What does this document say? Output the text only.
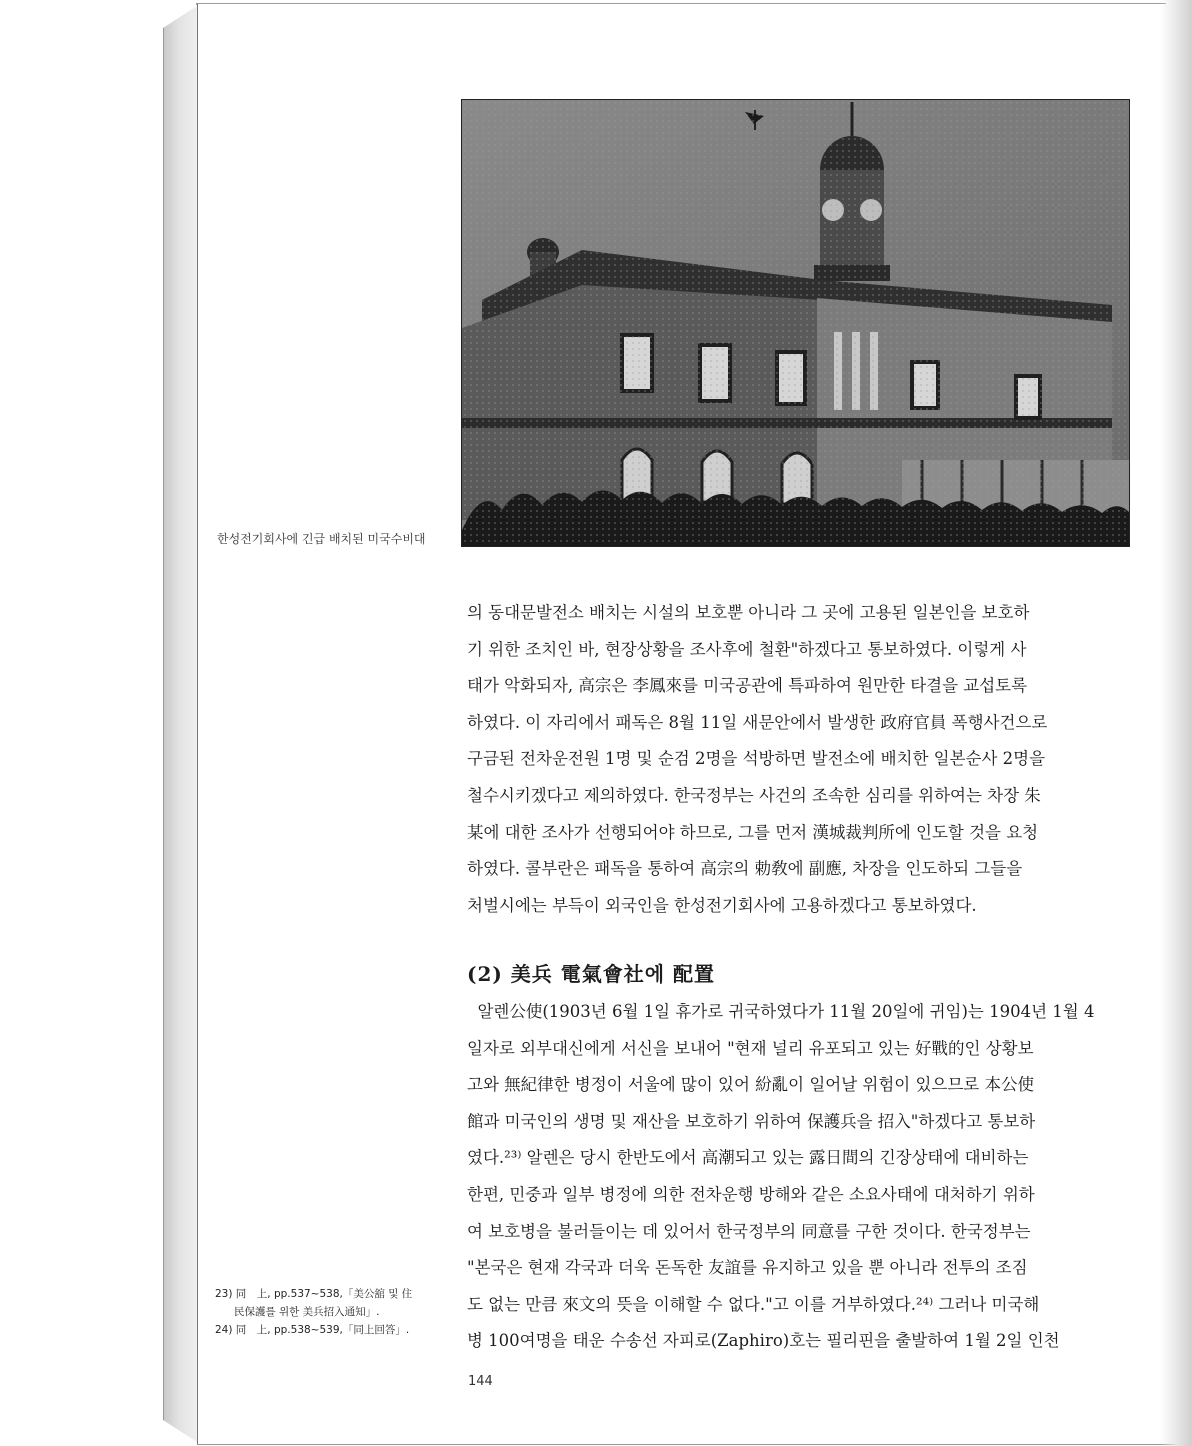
한성전기회사에 긴급 배치된 미국수비대
의 동대문발전소 배치는 시설의 보호뿐 아니라 그 곳에 고용된 일본인을 보호하
기 위한 조치인 바, 현장상황을 조사후에 철환"하겠다고 통보하였다. 이렇게 사
태가 악화되자, 高宗은 李鳳來를 미국공관에 특파하여 원만한 타결을 교섭토록
하였다. 이 자리에서 패독은 8월 11일 새문안에서 발생한 政府官員 폭행사건으로
구금된 전차운전원 1명 및 순검 2명을 석방하면 발전소에 배치한 일본순사 2명을
철수시키겠다고 제의하였다. 한국정부는 사건의 조속한 심리를 위하여는 차장 朱
某에 대한 조사가 선행되어야 하므로, 그를 먼저 漢城裁判所에 인도할 것을 요청
하였다. 콜부란은 패독을 통하여 高宗의 勅敎에 副應, 차장을 인도하되 그들을
처벌시에는 부득이 외국인을 한성전기회사에 고용하겠다고 통보하였다.
(2) 美兵 電氣會社에 配置
알렌公使(1903년 6월 1일 휴가로 귀국하였다가 11월 20일에 귀임)는 1904년 1월 4
일자로 외부대신에게 서신을 보내어 "현재 널리 유포되고 있는 好戰的인 상황보
고와 無紀律한 병정이 서울에 많이 있어 紛亂이 일어날 위험이 있으므로 本公使
館과 미국인의 생명 및 재산을 보호하기 위하여 保護兵을 招入"하겠다고 통보하
였다.²³⁾ 알렌은 당시 한반도에서 高潮되고 있는 露日間의 긴장상태에 대비하는
한편, 민중과 일부 병정에 의한 전차운행 방해와 같은 소요사태에 대처하기 위하
여 보호병을 불러들이는 데 있어서 한국정부의 同意를 구한 것이다. 한국정부는
"본국은 현재 각국과 더욱 돈독한 友誼를 유지하고 있을 뿐 아니라 전투의 조짐
도 없는 만큼 來文의 뜻을 이해할 수 없다."고 이를 거부하였다.²⁴⁾ 그러나 미국해
병 100여명을 태운 수송선 자피로(Zaphiro)호는 필리핀을 출발하여 1월 2일 인천
23) 同　上, pp.537~538,「美公舘 및 住
民保護를 위한 美兵招入通知」.
24) 同　上, pp.538~539,「同上回答」.
144
